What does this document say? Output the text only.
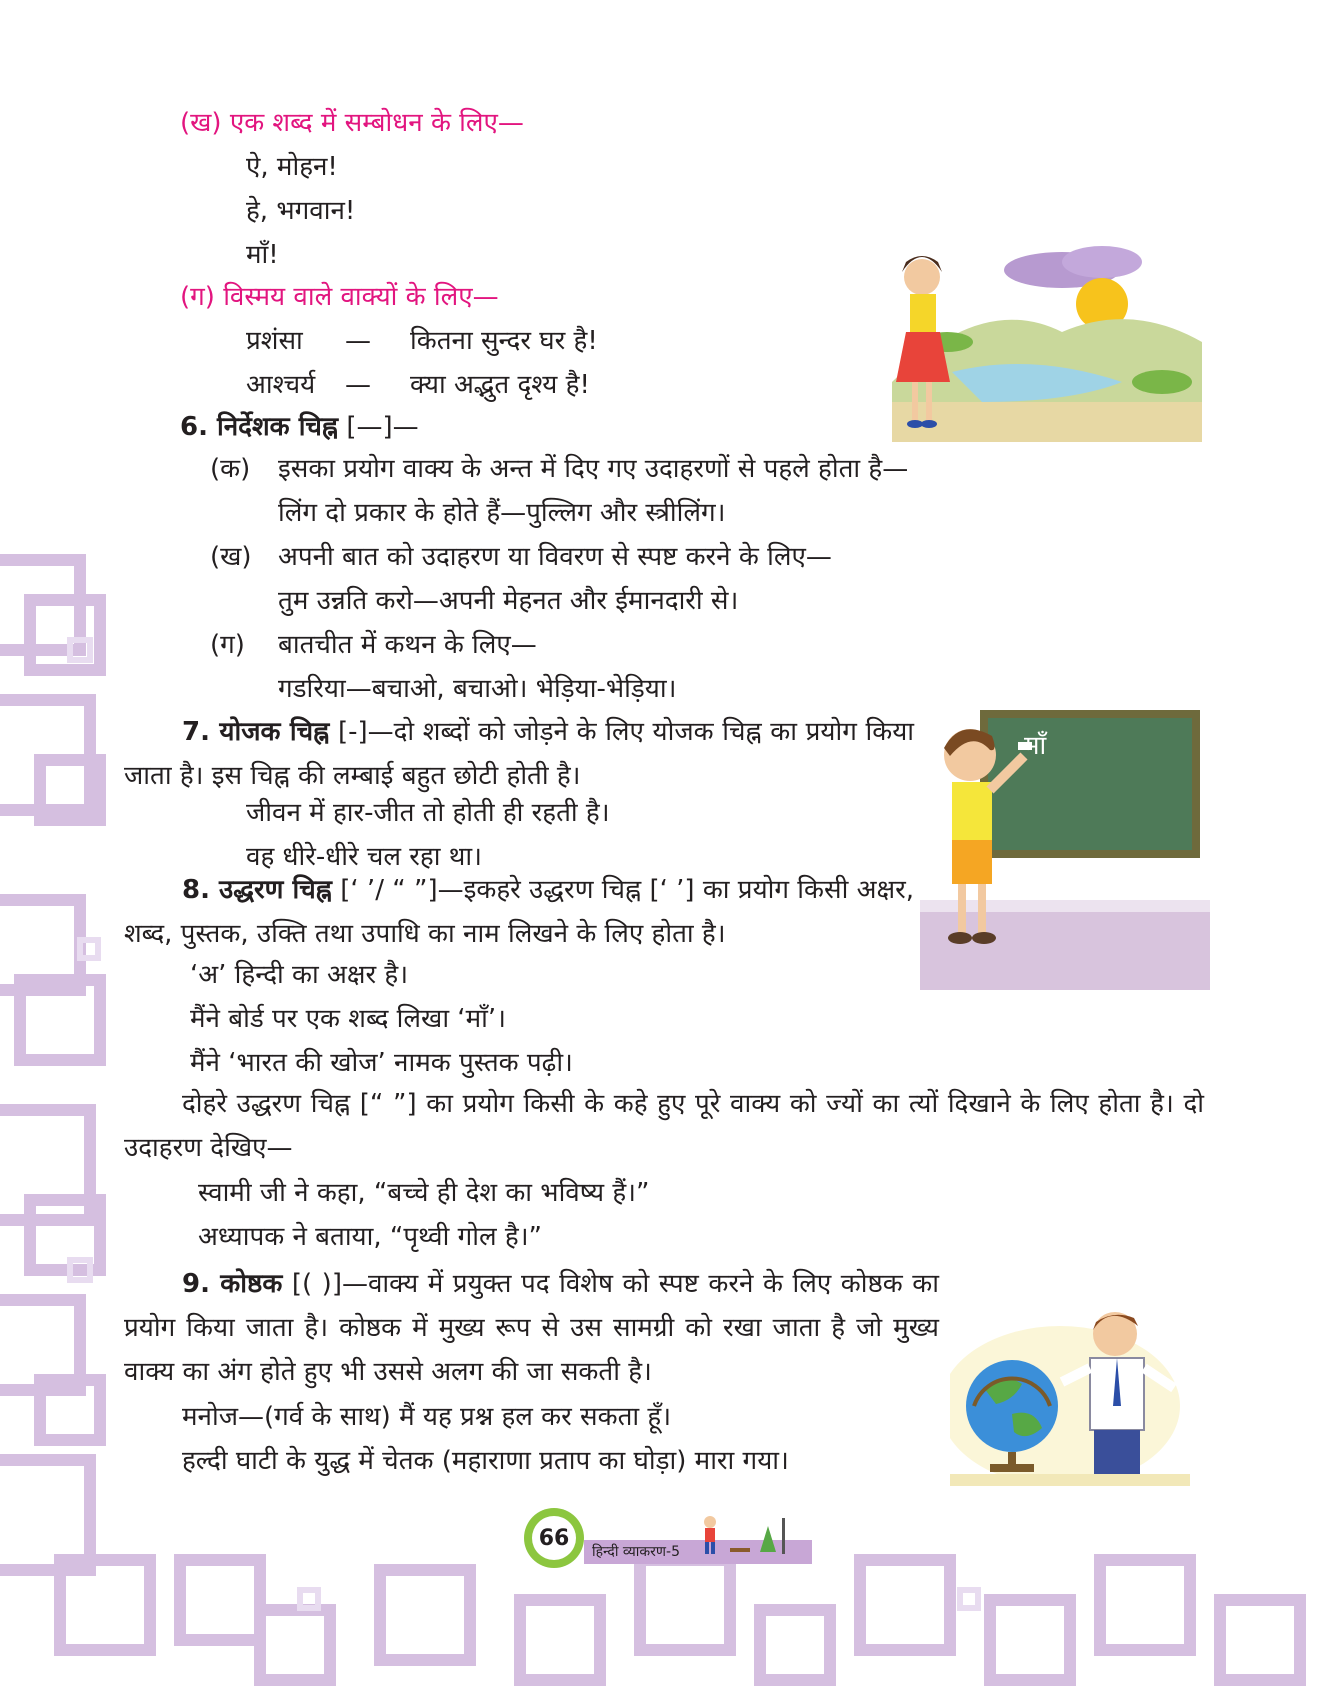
(ख) एक शब्द में सम्बोधन के लिए—
ऐ, मोहन!
हे, भगवान!
माँ!
(ग) विस्मय वाले वाक्यों के लिए—
प्रशंसा — कितना सुन्दर घर है!
आश्चर्य — क्या अद्भुत दृश्य है!
6. निर्देशक चिह्न [—]—
(क) इसका प्रयोग वाक्य के अन्त में दिए गए उदाहरणों से पहले होता है—
लिंग दो प्रकार के होते हैं—पुल्लिग और स्त्रीलिंग।
(ख) अपनी बात को उदाहरण या विवरण से स्पष्ट करने के लिए—
तुम उन्नति करो—अपनी मेहनत और ईमानदारी से।
(ग) बातचीत में कथन के लिए—
गडरिया—बचाओ, बचाओ। भेड़िया-भेड़िया।
7. योजक चिह्न [-]—दो शब्दों को जोड़ने के लिए योजक चिह्न का प्रयोग किया जाता है। इस चिह्न की लम्बाई बहुत छोटी होती है।
जीवन में हार-जीत तो होती ही रहती है।
वह धीरे-धीरे चल रहा था।
8. उद्धरण चिह्न [‘ ’/ “ ”]—इकहरे उद्धरण चिह्न [‘ ’] का प्रयोग किसी अक्षर, शब्द, पुस्तक, उक्ति तथा उपाधि का नाम लिखने के लिए होता है।
‘अ’ हिन्दी का अक्षर है।
मैंने बोर्ड पर एक शब्द लिखा ‘माँ’।
मैंने ‘भारत की खोज’ नामक पुस्तक पढ़ी।
दोहरे उद्धरण चिह्न [“ ”] का प्रयोग किसी के कहे हुए पूरे वाक्य को ज्यों का त्यों दिखाने के लिए होता है। दो उदाहरण देखिए—
स्वामी जी ने कहा, “बच्चे ही देश का भविष्य हैं।”
अध्यापक ने बताया, “पृथ्वी गोल है।”
9. कोष्ठक [( )]—वाक्य में प्रयुक्त पद विशेष को स्पष्ट करने के लिए कोष्ठक का प्रयोग किया जाता है। कोष्ठक में मुख्य रूप से उस सामग्री को रखा जाता है जो मुख्य वाक्य का अंग होते हुए भी उससे अलग की जा सकती है।
मनोज—(गर्व के साथ) मैं यह प्रश्न हल कर सकता हूँ।
हल्दी घाटी के युद्ध में चेतक (महाराणा प्रताप का घोड़ा) मारा गया।
माँ
66
हिन्दी व्याकरण-5
